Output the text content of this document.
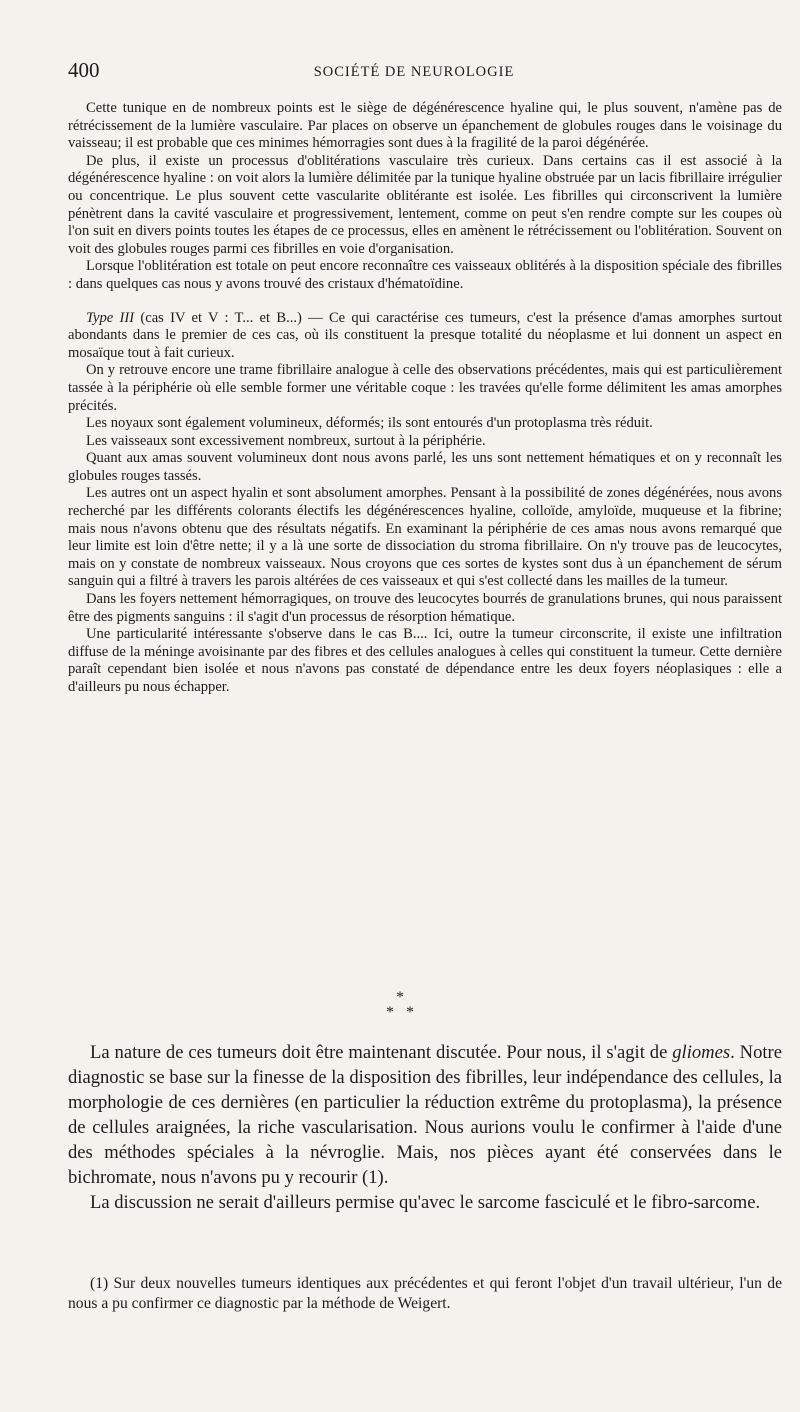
400	SOCIÉTÉ DE NEUROLOGIE

Cette tunique en de nombreux points est le siège de dégénérescence hyaline qui, le plus souvent, n'amène pas de rétrécissement de la lumière vasculaire. Par places on observe un épanchement de globules rouges dans le voisinage du vaisseau; il est probable que ces minimes hémorragies sont dues à la fragilité de la paroi dégénérée.

De plus, il existe un processus d'oblitérations vasculaire très curieux. Dans certains cas il est associé à la dégénérescence hyaline : on voit alors la lumière délimitée par la tunique hyaline obstruée par un lacis fibrillaire irrégulier ou concentrique. Le plus souvent cette vascularite oblitérante est isolée. Les fibrilles qui circonscrivent la lumière pénètrent dans la cavité vasculaire et progressivement, lentement, comme on peut s'en rendre compte sur les coupes où l'on suit en divers points toutes les étapes de ce processus, elles en amènent le rétrécissement ou l'oblitération. Souvent on voit des globules rouges parmi ces fibrilles en voie d'organisation.

Lorsque l'oblitération est totale on peut encore reconnaître ces vaisseaux oblitérés à la disposition spéciale des fibrilles : dans quelques cas nous y avons trouvé des cristaux d'hématoïdine.

Type III (cas IV et V : T... et B...) — Ce qui caractérise ces tumeurs, c'est la présence d'amas amorphes surtout abondants dans le premier de ces cas, où ils constituent la presque totalité du néoplasme et lui donnent un aspect en mosaïque tout à fait curieux.

On y retrouve encore une trame fibrillaire analogue à celle des observations précédentes, mais qui est particulièrement tassée à la périphérie où elle semble former une véritable coque : les travées qu'elle forme délimitent les amas amorphes précités.

Les noyaux sont également volumineux, déformés; ils sont entourés d'un protoplasma très réduit.

Les vaisseaux sont excessivement nombreux, surtout à la périphérie.

Quant aux amas souvent volumineux dont nous avons parlé, les uns sont nettement hématiques et on y reconnaît les globules rouges tassés.

Les autres ont un aspect hyalin et sont absolument amorphes. Pensant à la possibilité de zones dégénérées, nous avons recherché par les différents colorants électifs les dégénérescences hyaline, colloïde, amyloïde, muqueuse et la fibrine; mais nous n'avons obtenu que des résultats négatifs. En examinant la périphérie de ces amas nous avons remarqué que leur limite est loin d'être nette; il y a là une sorte de dissociation du stroma fibrillaire. On n'y trouve pas de leucocytes, mais on y constate de nombreux vaisseaux. Nous croyons que ces sortes de kystes sont dus à un épanchement de sérum sanguin qui a filtré à travers les parois altérées de ces vaisseaux et qui s'est collecté dans les mailles de la tumeur.

Dans les foyers nettement hémorragiques, on trouve des leucocytes bourrés de granulations brunes, qui nous paraissent être des pigments sanguins : il s'agit d'un processus de résorption hématique.

Une particularité intéressante s'observe dans le cas B.... Ici, outre la tumeur circonscrite, il existe une infiltration diffuse de la méninge avoisinante par des fibres et des cellules analogues à celles qui constituent la tumeur. Cette dernière paraît cependant bien isolée et nous n'avons pas constaté de dépendance entre les deux foyers néoplasiques : elle a d'ailleurs pu nous échapper.

*
*   *

La nature de ces tumeurs doit être maintenant discutée. Pour nous, il s'agit de gliomes. Notre diagnostic se base sur la finesse de la disposition des fibrilles, leur indépendance des cellules, la morphologie de ces dernières (en particulier la réduction extrême du protoplasma), la présence de cellules araignées, la riche vascularisation. Nous aurions voulu le confirmer à l'aide d'une des méthodes spéciales à la névroglie. Mais, nos pièces ayant été conservées dans le bichromate, nous n'avons pu y recourir (1).

La discussion ne serait d'ailleurs permise qu'avec le sarcome fasciculé et le fibro-sarcome.

(1) Sur deux nouvelles tumeurs identiques aux précédentes et qui feront l'objet d'un travail ultérieur, l'un de nous a pu confirmer ce diagnostic par la méthode de Weigert.
